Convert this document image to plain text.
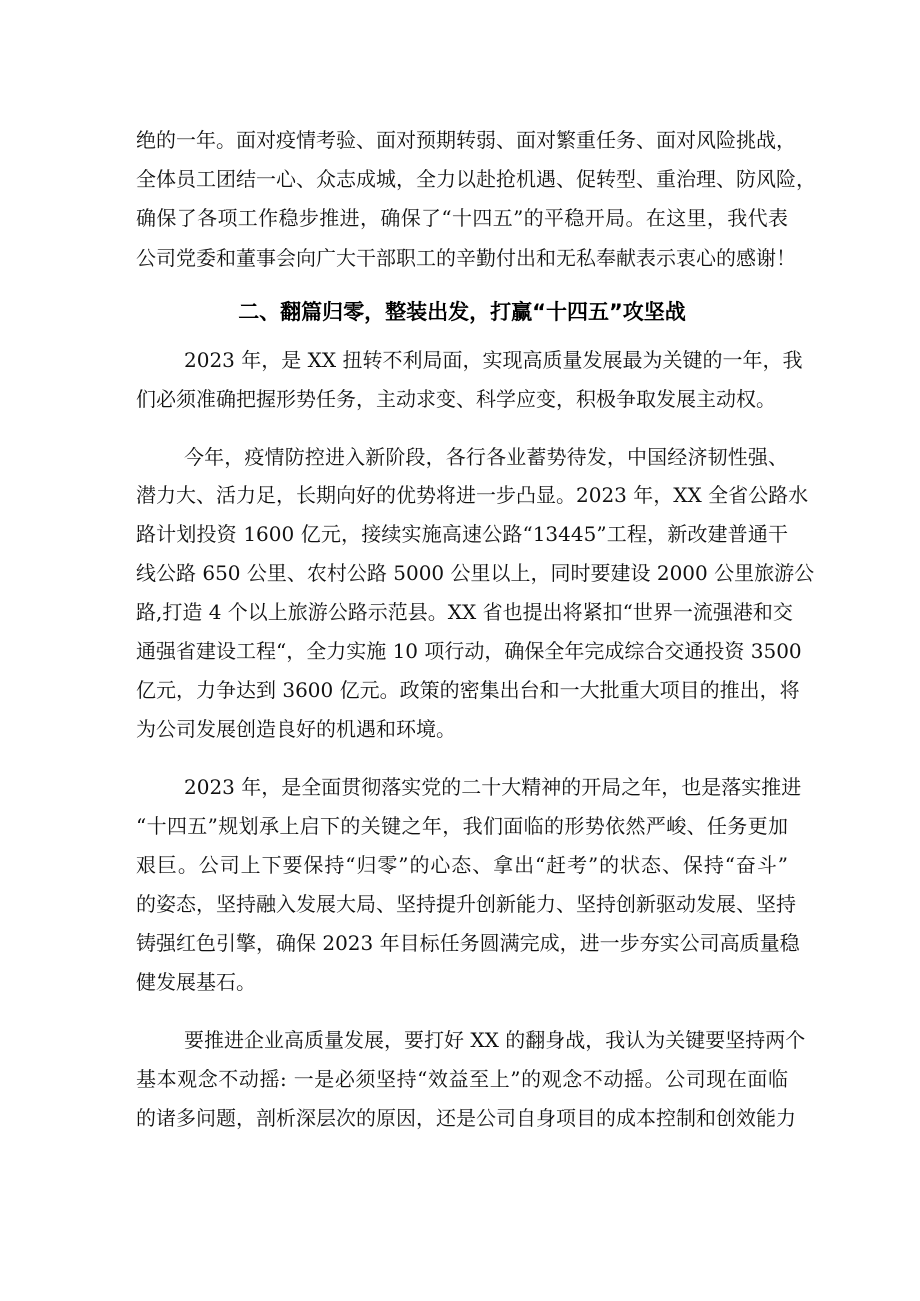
绝的一年。面对疫情考验、面对预期转弱、面对繁重任务、面对风险挑战，
全体员工团结一心、众志成城，全力以赴抢机遇、促转型、重治理、防风险，
确保了各项工作稳步推进，确保了“十四五”的平稳开局。在这里，我代表
公司党委和董事会向广大干部职工的辛勤付出和无私奉献表示衷心的感谢！
二、翻篇归零，整装出发，打赢“十四五”攻坚战
2023 年，是 XX 扭转不利局面，实现高质量发展最为关键的一年，我
们必须准确把握形势任务，主动求变、科学应变，积极争取发展主动权。
今年，疫情防控进入新阶段，各行各业蓄势待发，中国经济韧性强、
潜力大、活力足，长期向好的优势将进一步凸显。2023 年，XX 全省公路水
路计划投资 1600 亿元，接续实施高速公路“13445”工程，新改建普通干
线公路 650 公里、农村公路 5000 公里以上，同时要建设 2000 公里旅游公
路,打造 4 个以上旅游公路示范县。XX 省也提出将紧扣“世界一流强港和交
通强省建设工程“，全力实施 10 项行动，确保全年完成综合交通投资 3500
亿元，力争达到 3600 亿元。政策的密集出台和一大批重大项目的推出，将
为公司发展创造良好的机遇和环境。
2023 年，是全面贯彻落实党的二十大精神的开局之年，也是落实推进
“十四五”规划承上启下的关键之年，我们面临的形势依然严峻、任务更加
艰巨。公司上下要保持“归零”的心态、拿出“赶考”的状态、保持“奋斗”
的姿态，坚持融入发展大局、坚持提升创新能力、坚持创新驱动发展、坚持
铸强红色引擎，确保 2023 年目标任务圆满完成，进一步夯实公司高质量稳
健发展基石。
要推进企业高质量发展，要打好 XX 的翻身战，我认为关键要坚持两个
基本观念不动摇: 一是必须坚持“效益至上”的观念不动摇。公司现在面临
的诸多问题，剖析深层次的原因，还是公司自身项目的成本控制和创效能力
